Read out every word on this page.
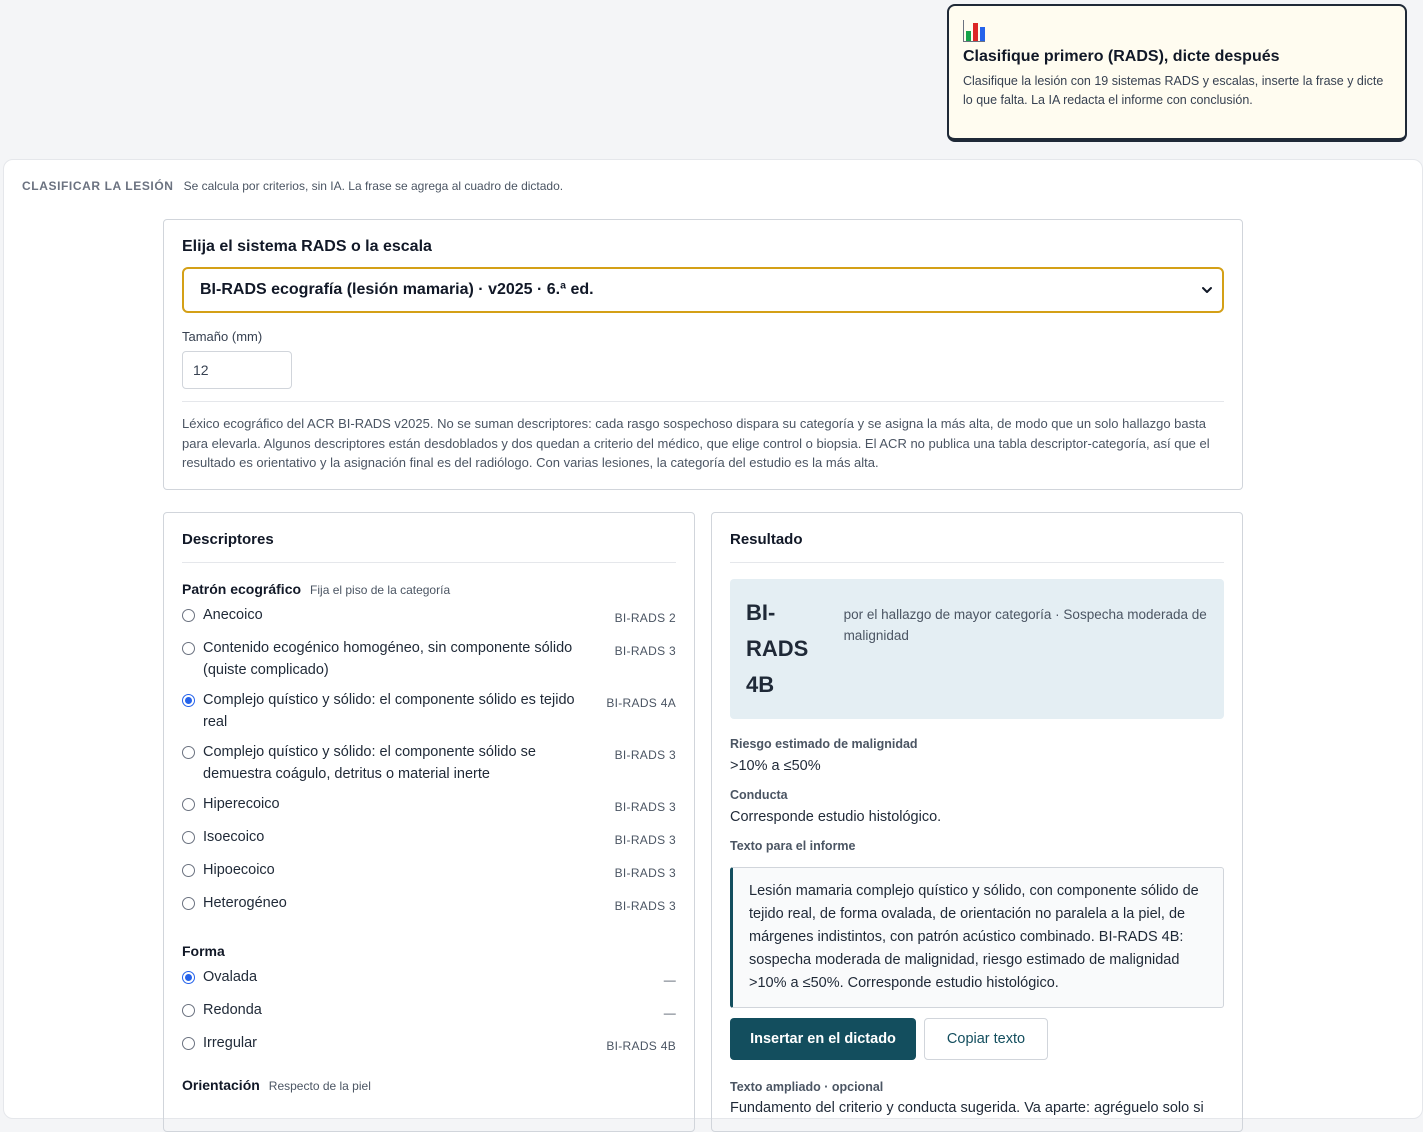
Clasifique primero (RADS), dicte después

Clasifique la lesión con 19 sistemas RADS y escalas, inserte la frase y dicte lo que falta. La IA redacta el informe con conclusión.

CLASIFICAR LA LESIÓN Se calcula por criterios, sin IA. La frase se agrega al cuadro de dictado.
Elija el sistema RADS o la escala
BI-RADS ecografía (lesión mamaria) · v2025 · 6.ª ed.
Tamaño (mm)
12

Léxico ecográfico del ACR BI-RADS v2025. No se suman descriptores: cada rasgo sospechoso dispara su categoría y se asigna la más alta, de modo que un solo hallazgo basta para elevarla. Algunos descriptores están desdoblados y dos quedan a criterio del médico, que elige control o biopsia. El ACR no publica una tabla descriptor-categoría, así que el resultado es orientativo y la asignación final es del radiólogo. Con varias lesiones, la categoría del estudio es la más alta.

Descriptores
Patrón ecográfico Fija el piso de la categoría
Anecoico	BI-RADS 2
Contenido ecogénico homogéneo, sin componente sólido (quiste complicado)
BI-RADS 3
Complejo quístico y sólido: el componente sólido es tejido real
BI-RADS 4A
Complejo quístico y sólido: el componente sólido se demuestra coágulo, detritus o material inerte
BI-RADS 3
Hiperecoico	BI-RADS 3
Isoecoico	BI-RADS 3
Hipoecoico	BI-RADS 3
Heterogéneo	BI-RADS 3
Forma
Ovalada	—
Redonda	—
Irregular	BI-RADS 4B
Orientación Respecto de la piel
Resultado
BI-RADS 4B
por el hallazgo de mayor categoría · Sospecha moderada de malignidad
Riesgo estimado de malignidad
>10% a ≤50%
Conducta
Corresponde estudio histológico.
Texto para el informe
Lesión mamaria complejo quístico y sólido, con componente sólido de tejido real, de forma ovalada, de orientación no paralela a la piel, de márgenes indistintos, con patrón acústico combinado. BI-RADS 4B: sospecha moderada de malignidad, riesgo estimado de malignidad >10% a ≤50%. Corresponde estudio histológico.
Insertar en el dictado	Copiar texto
Texto ampliado · opcional
Fundamento del criterio y conducta sugerida. Va aparte: agréguelo solo si
